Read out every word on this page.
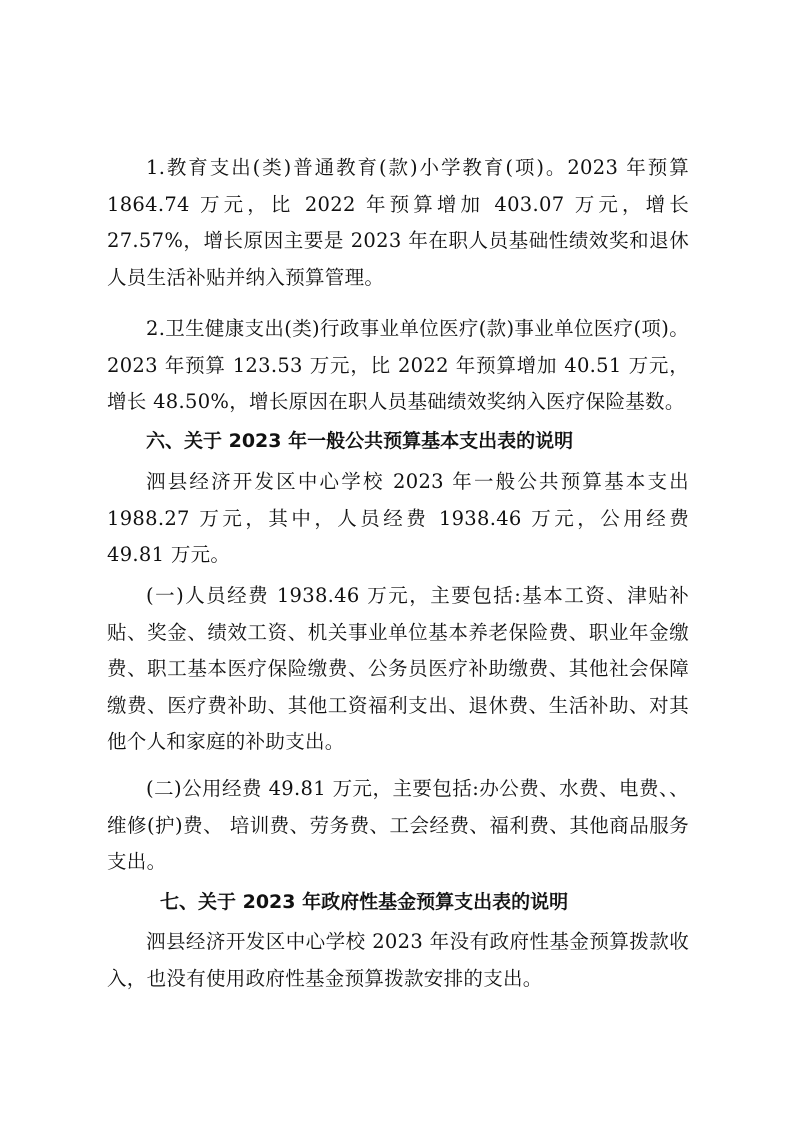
1.教育支出(类)普通教育(款)小学教育(项)。2023 年预算 1864.74 万元，比 2022 年预算增加 403.07 万元，增长 27.57%，增长原因主要是 2023 年在职人员基础性绩效奖和退休人员生活补贴并纳入预算管理。

2.卫生健康支出(类)行政事业单位医疗(款)事业单位医疗(项)。2023 年预算 123.53 万元，比 2022 年预算增加 40.51 万元，增长 48.50%，增长原因在职人员基础绩效奖纳入医疗保险基数。

六、关于 2023 年一般公共预算基本支出表的说明

泗县经济开发区中心学校 2023 年一般公共预算基本支出 1988.27 万元，其中，人员经费 1938.46 万元，公用经费 49.81 万元。

(一)人员经费 1938.46 万元，主要包括:基本工资、津贴补贴、奖金、绩效工资、机关事业单位基本养老保险费、职业年金缴费、职工基本医疗保险缴费、公务员医疗补助缴费、其他社会保障缴费、医疗费补助、其他工资福利支出、退休费、生活补助、对其他个人和家庭的补助支出。

(二)公用经费 49.81 万元，主要包括:办公费、水费、电费、、维修(护)费、 培训费、劳务费、工会经费、福利费、其他商品服务支出。

七、关于 2023 年政府性基金预算支出表的说明

泗县经济开发区中心学校 2023 年没有政府性基金预算拨款收入，也没有使用政府性基金预算拨款安排的支出。
